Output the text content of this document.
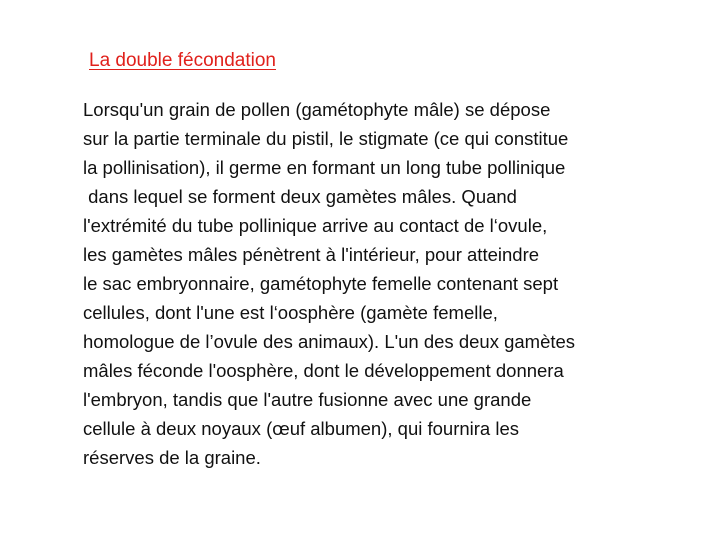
La double fécondation
Lorsqu'un grain de pollen (gamétophyte mâle) se dépose
sur la partie terminale du pistil, le stigmate (ce qui constitue
la pollinisation), il germe en formant un long tube pollinique
dans lequel se forment deux gamètes mâles. Quand
l'extrémité du tube pollinique arrive au contact de l‘ovule,
les gamètes mâles pénètrent à l'intérieur, pour atteindre
le sac embryonnaire, gamétophyte femelle contenant sept
cellules, dont l'une est l‘oosphère (gamète femelle,
homologue de l’ovule des animaux). L'un des deux gamètes
mâles féconde l'oosphère, dont le développement donnera
l'embryon, tandis que l'autre fusionne avec une grande
cellule à deux noyaux (œuf albumen), qui fournira les
réserves de la graine.
